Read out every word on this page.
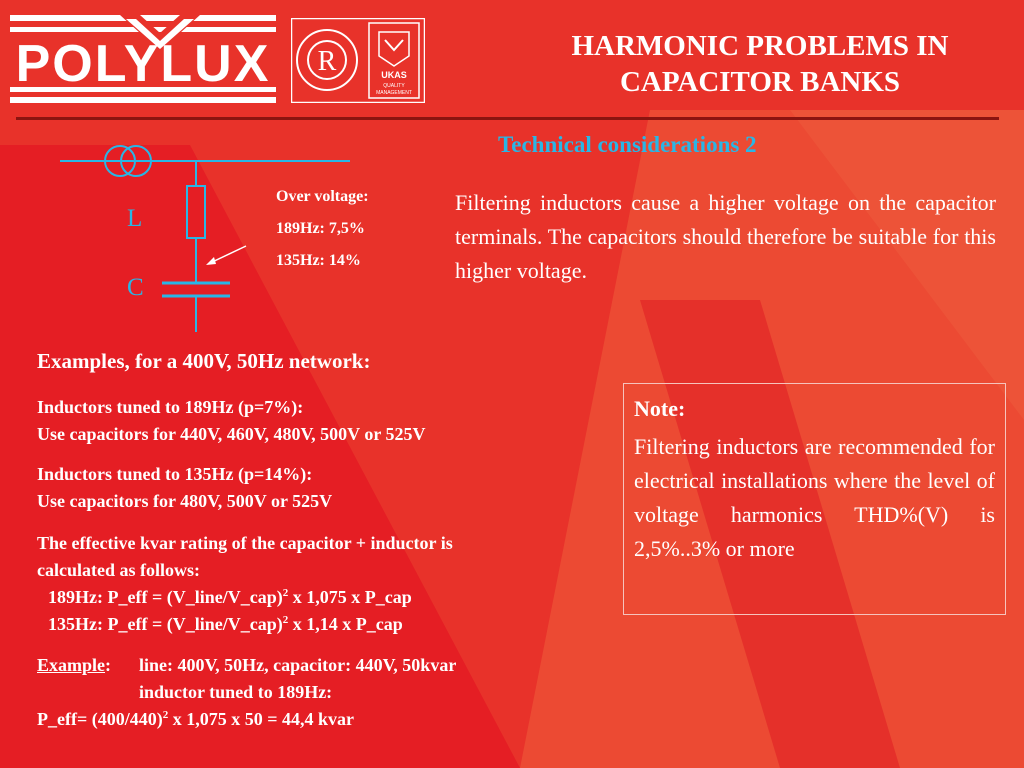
POLYLUX R	UKAS
QUALITY
MANAGEMENT
HARMONIC PROBLEMS IN
CAPACITOR BANKS
Technical considerations 2
L
C
Over voltage:
189Hz: 7,5%
135Hz: 14%
Filtering inductors cause a higher voltage on the capacitor terminals. The capacitors should therefore be suitable for this higher voltage.
Examples, for a 400V, 50Hz network:
Inductors tuned to 189Hz (p=7%):
Use capacitors for 440V, 460V, 480V, 500V or 525V
Inductors tuned to 135Hz (p=14%):
Use capacitors for 480V, 500V or 525V
The effective kvar rating of the capacitor + inductor is
calculated as follows:
189Hz: P_eff = (V_line/V_cap)$^2$ x 1,075 x P_cap
135Hz: P_eff = (V_line/V_cap)$^2$ x 1,14 x P_cap
Example: line: 400V, 50Hz, capacitor: 440V, 50kvar
inductor tuned to 189Hz:
P_eff= $(400/440)^2$ x 1,075 x 50 = 44,4 kvar
Note:
Filtering inductors are recommended for electrical installations where the level of voltage harmonics THD%(V) is 2,5%..3% or more
